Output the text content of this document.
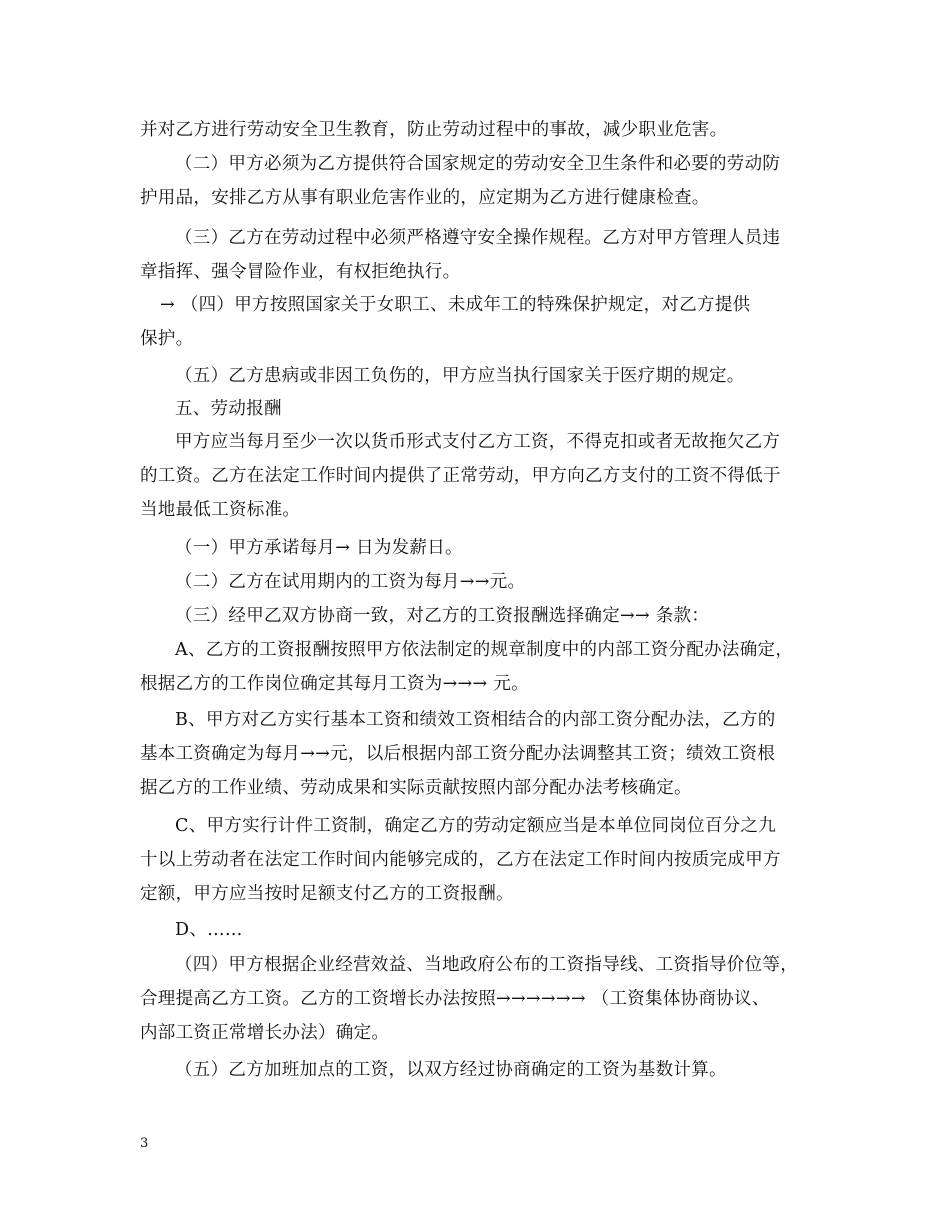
并对乙方进行劳动安全卫生教育，防止劳动过程中的事故，减少职业危害。
（二）甲方必须为乙方提供符合国家规定的劳动安全卫生条件和必要的劳动防
护用品，安排乙方从事有职业危害作业的，应定期为乙方进行健康检查。
（三）乙方在劳动过程中必须严格遵守安全操作规程。乙方对甲方管理人员违
章指挥、强令冒险作业，有权拒绝执行。
→ （四）甲方按照国家关于女职工、未成年工的特殊保护规定，对乙方提供
保护。
（五）乙方患病或非因工负伤的，甲方应当执行国家关于医疗期的规定。
五、劳动报酬
甲方应当每月至少一次以货币形式支付乙方工资，不得克扣或者无故拖欠乙方
的工资。乙方在法定工作时间内提供了正常劳动，甲方向乙方支付的工资不得低于
当地最低工资标准。
（一）甲方承诺每月→ 日为发薪日。
（二）乙方在试用期内的工资为每月→→元。
（三）经甲乙双方协商一致，对乙方的工资报酬选择确定→→ 条款：
A、乙方的工资报酬按照甲方依法制定的规章制度中的内部工资分配办法确定，
根据乙方的工作岗位确定其每月工资为→→→ 元。
B、甲方对乙方实行基本工资和绩效工资相结合的内部工资分配办法，乙方的
基本工资确定为每月→→元，以后根据内部工资分配办法调整其工资；绩效工资根
据乙方的工作业绩、劳动成果和实际贡献按照内部分配办法考核确定。
C、甲方实行计件工资制，确定乙方的劳动定额应当是本单位同岗位百分之九
十以上劳动者在法定工作时间内能够完成的，乙方在法定工作时间内按质完成甲方
定额，甲方应当按时足额支付乙方的工资报酬。
D、……
（四）甲方根据企业经营效益、当地政府公布的工资指导线、工资指导价位等，
合理提高乙方工资。乙方的工资增长办法按照→→→→→→ （工资集体协商协议、
内部工资正常增长办法）确定。
（五）乙方加班加点的工资，以双方经过协商确定的工资为基数计算。
3
